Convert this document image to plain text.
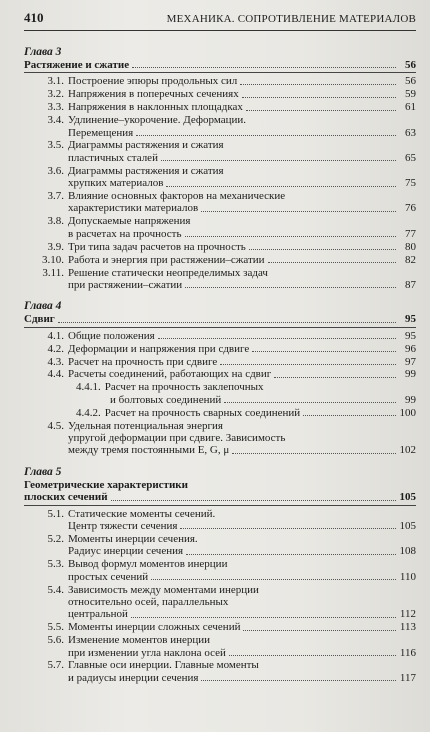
410	МЕХАНИКА. СОПРОТИВЛЕНИЕ МАТЕРИАЛОВ
Глава 3
Растяжение и сжатие	56
3.1. Построение эпюры продольных сил	56
3.2. Напряжения в поперечных сечениях	59
3.3. Напряжения в наклонных площадках	61
3.4. Удлинение–укорочение. Деформации.
Перемещения	63
3.5. Диаграммы растяжения и сжатия
пластичных сталей	65
3.6. Диаграммы растяжения и сжатия
хрупких материалов	75
3.7. Влияние основных факторов на механические
характеристики материалов	76
3.8. Допускаемые напряжения
в расчетах на прочность	77
3.9. Три типа задач расчетов на прочность	80
3.10. Работа и энергия при растяжении–сжатии	82
3.11. Решение статически неопределимых задач
при растяжении–сжатии	87
Глава 4
Сдвиг	95
4.1. Общие положения	95
4.2. Деформации и напряжения при сдвиге	96
4.3. Расчет на прочность при сдвиге	97
4.4. Расчеты соединений, работающих на сдвиг	99
4.4.1. Расчет на прочность заклепочных
и болтовых соединений	99
4.4.2. Расчет на прочность сварных соединений	100
4.5. Удельная потенциальная энергия
упругой деформации при сдвиге. Зависимость
между тремя постоянными E, G, μ	102
Глава 5
Геометрические характеристики
плоских сечений	105
5.1. Статические моменты сечений.
Центр тяжести сечения	105
5.2. Моменты инерции сечения.
Радиус инерции сечения	108
5.3. Вывод формул моментов инерции
простых сечений	110
5.4. Зависимость между моментами инерции
относительно осей, параллельных
центральной	112
5.5. Моменты инерции сложных сечений	113
5.6. Изменение моментов инерции
при изменении угла наклона осей	116
5.7. Главные оси инерции. Главные моменты
и радиусы инерции сечения	117
